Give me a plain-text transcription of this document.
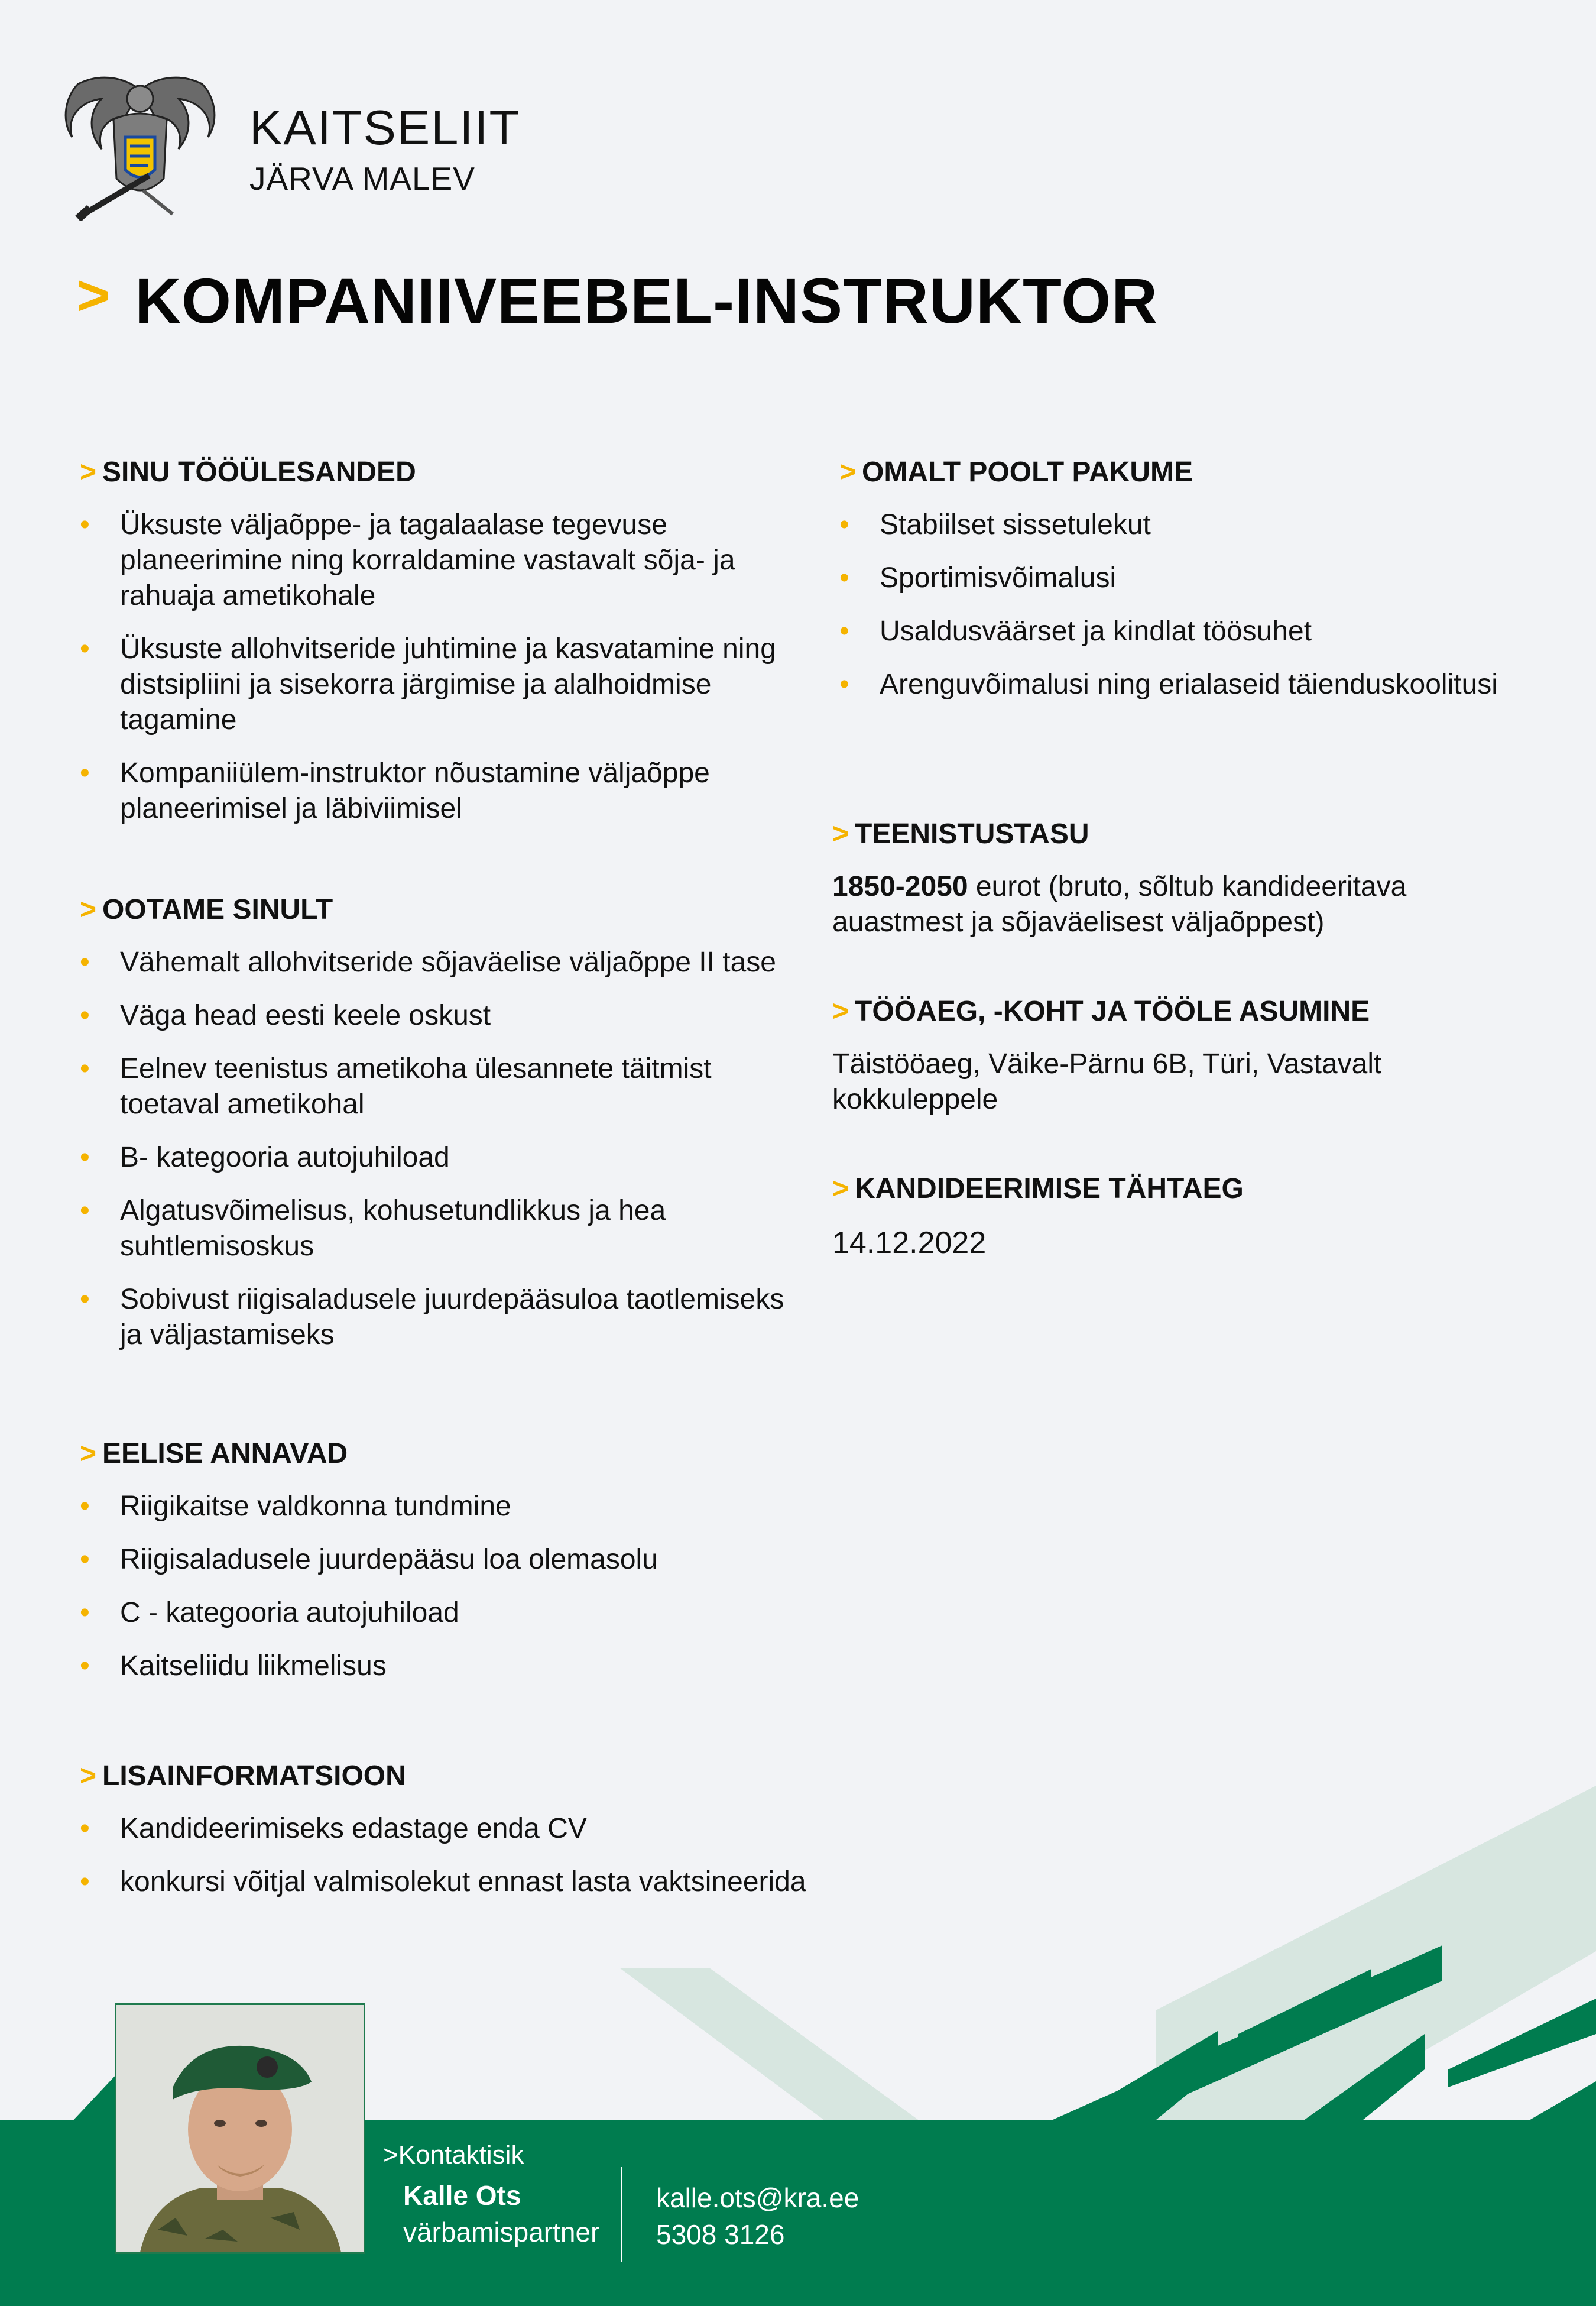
KAITSELIIT
JÄRVA MALEV
> KOMPANIIVEEBEL-INSTRUKTOR
> SINU TÖÖÜLESANDED
• Üksuste väljaõppe- ja tagalaalase tegevuse planeerimine ning korraldamine vastavalt sõja- ja rahuaja ametikohale
• Üksuste allohvitseride juhtimine ja kasvatamine ning distsipliini ja sisekorra järgimise ja alalhoidmise tagamine
• Kompaniiülem-instruktor nõustamine väljaõppe planeerimisel ja läbiviimisel
> OOTAME SINULT
• Vähemalt allohvitseride sõjaväelise väljaõppe II tase
• Väga head eesti keele oskust
• Eelnev teenistus ametikoha ülesannete täitmist toetaval ametikohal
• B- kategooria autojuhiload
• Algatusvõimelisus, kohusetundlikkus ja hea suhtlemisoskus
• Sobivust riigisaladusele juurdepääsuloa taotlemiseks ja väljastamiseks
> EELISE ANNAVAD
• Riigikaitse valdkonna tundmine
• Riigisaladusele juurdepääsu loa olemasolu
• C - kategooria autojuhiload
• Kaitseliidu liikmelisus
> LISAINFORMATSIOON
• Kandideerimiseks edastage enda CV
• konkursi võitjal valmisolekut ennast lasta vaktsineerida
> OMALT POOLT PAKUME
• Stabiilset sissetulekut
• Sportimisvõimalusi
• Usaldusväärset ja kindlat töösuhet
• Arenguvõimalusi ning erialaseid täienduskoolitusi
> TEENISTUSTASU
1850-2050 eurot (bruto, sõltub kandideeritava auastmest ja sõjaväelisest väljaõppest)
> TÖÖAEG, -KOHT JA TÖÖLE ASUMINE
Täistööaeg, Väike-Pärnu 6B, Türi, Vastavalt kokkuleppele
> KANDIDEERIMISE TÄHTAEG
14.12.2022
>Kontaktisik
Kalle Ots
värbamispartner
kalle.ots@kra.ee
5308 3126
